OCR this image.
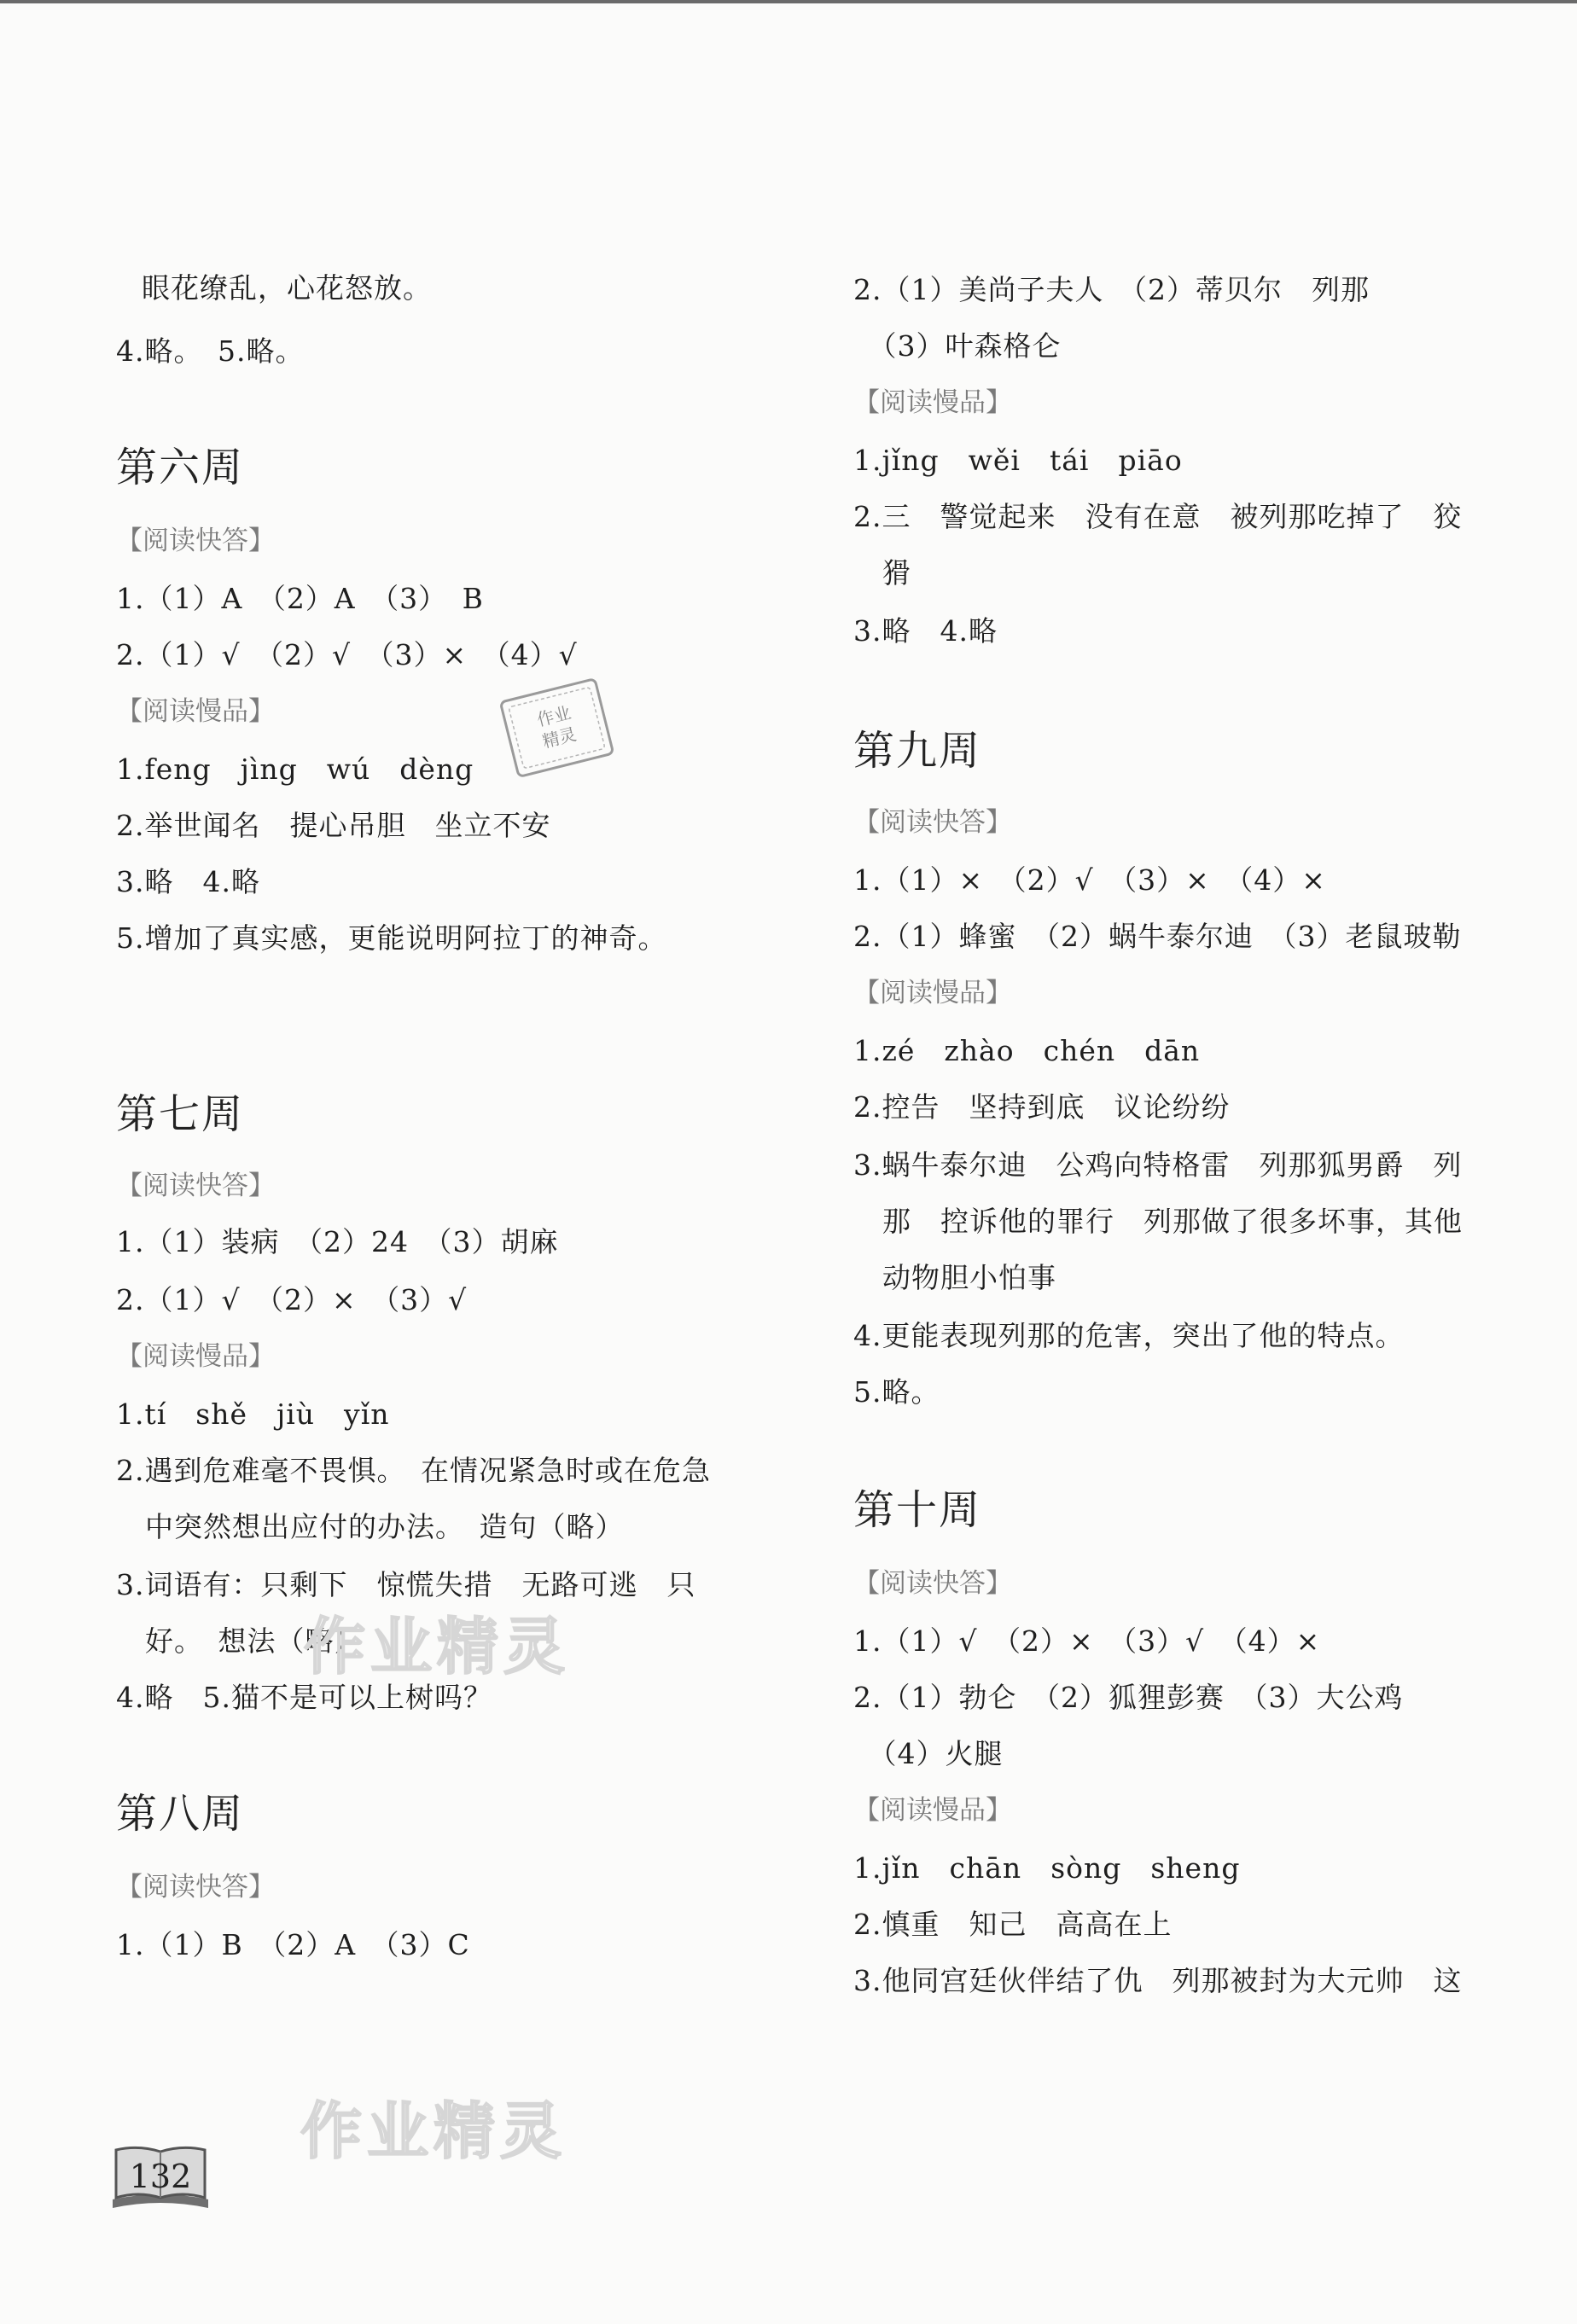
眼花缭乱，心花怒放。
4.略。　5.略。
第六周
【阅读快答】
1.（1）A　（2）A　（3）　B
2.（1）√　（2）√　（3）×　（4）√
【阅读慢品】
1.feng　jìng　wú　dèng
2.举世闻名　提心吊胆　坐立不安
3.略　4.略
5.增加了真实感，更能说明阿拉丁的神奇。
第七周
【阅读快答】
1.（1）装病　（2）24　（3）胡麻
2.（1）√　（2）×　（3）√
【阅读慢品】
1.tí　shě　jiù　yǐn
2.遇到危难毫不畏惧。　在情况紧急时或在危急
　中突然想出应付的办法。　造句（略）
3.词语有：只剩下　惊慌失措　无路可逃　只
　好。　想法（略）
4.略　5.猫不是可以上树吗？
第八周
【阅读快答】
1.（1）B　（2）A　（3）C
2.（1）美尚子夫人　（2）蒂贝尔　列那
　（3）叶森格仑
【阅读慢品】
1.jǐng　wěi　tái　piāo
2.三　警觉起来　没有在意　被列那吃掉了　狡
　猾
3.略　4.略
第九周
【阅读快答】
1.（1）×　（2）√　（3）×　（4）×
2.（1）蜂蜜　（2）蜗牛泰尔迪　（3）老鼠玻勒
【阅读慢品】
1.zé　zhào　chén　dān
2.控告　坚持到底　议论纷纷
3.蜗牛泰尔迪　公鸡向特格雷　列那狐男爵　列
　那　控诉他的罪行　列那做了很多坏事，其他
　动物胆小怕事
4.更能表现列那的危害，突出了他的特点。
5.略。
第十周
【阅读快答】
1.（1）√　（2）×　（3）√　（4）×
2.（1）勃仑　（2）狐狸彭赛　（3）大公鸡
　（4）火腿
【阅读慢品】
1.jǐn　chān　sòng　sheng
2.慎重　知己　高高在上
3.他同宫廷伙伴结了仇　列那被封为大元帅　这
作业精灵
作业精灵
作业
精灵
132
